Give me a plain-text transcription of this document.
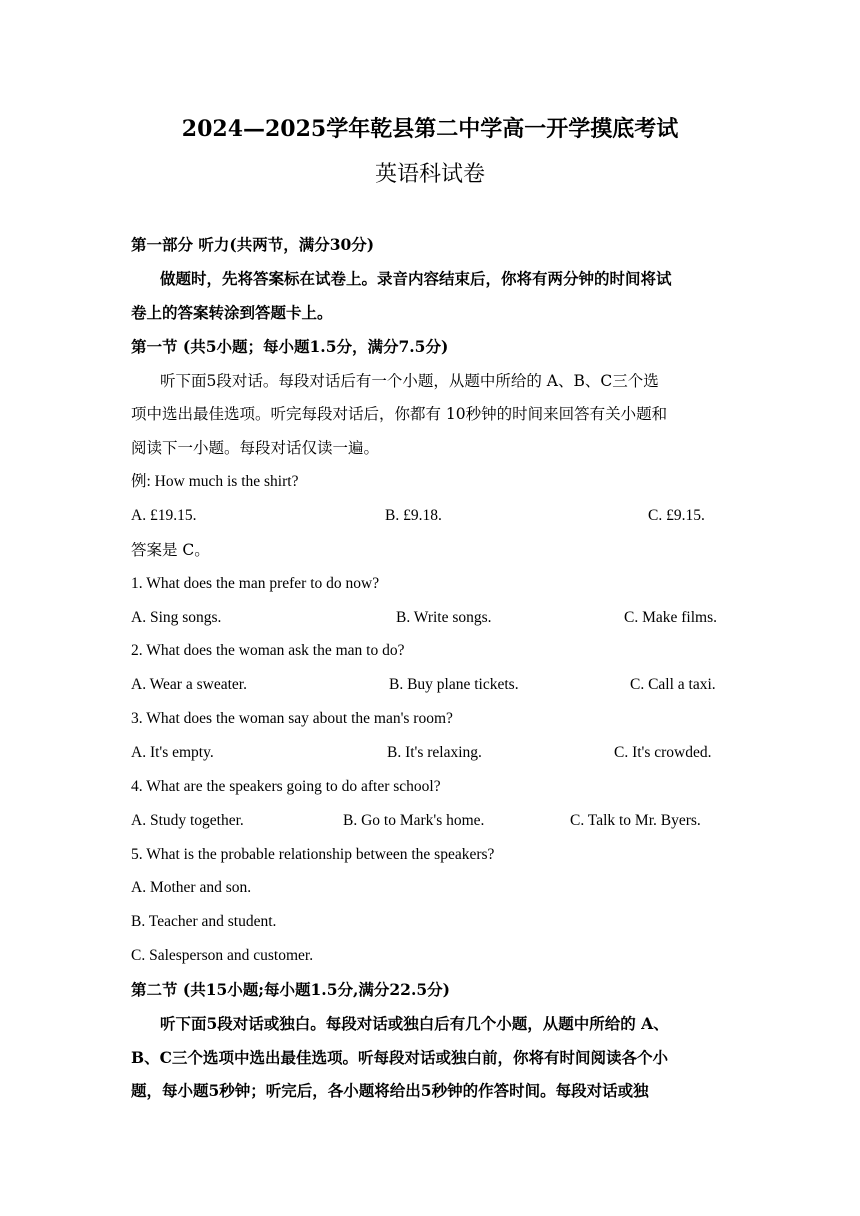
2024—2025学年乾县第二中学高一开学摸底考试
英语科试卷
第一部分 听力(共两节，满分30分)
做题时，先将答案标在试卷上。录音内容结束后，你将有两分钟的时间将试
卷上的答案转涂到答题卡上。
第一节 (共5小题；每小题1.5分，满分7.5分)
听下面5段对话。每段对话后有一个小题，从题中所给的 A、B、C三个选
项中选出最佳选项。听完每段对话后，你都有 10秒钟的时间来回答有关小题和
阅读下一小题。每段对话仅读一遍。
例: How much is the shirt?
A. £19.15.	B. £9.18.	C. £9.15.
答案是 C。
1. What does the man prefer to do now?
A. Sing songs.	B. Write songs.	C. Make films.
2. What does the woman ask the man to do?
A. Wear a sweater.	B. Buy plane tickets.	C. Call a taxi.
3. What does the woman say about the man's room?
A. It's empty.	B. It's relaxing.	C. It's crowded.
4. What are the speakers going to do after school?
A. Study together.	B. Go to Mark's home.	C. Talk to Mr. Byers.
5. What is the probable relationship between the speakers?
A. Mother and son.
B. Teacher and student.
C. Salesperson and customer.
第二节 (共15小题;每小题1.5分,满分22.5分)
听下面5段对话或独白。每段对话或独白后有几个小题，从题中所给的 A、
B、C三个选项中选出最佳选项。听每段对话或独白前，你将有时间阅读各个小
题，每小题5秒钟；听完后，各小题将给出5秒钟的作答时间。每段对话或独
